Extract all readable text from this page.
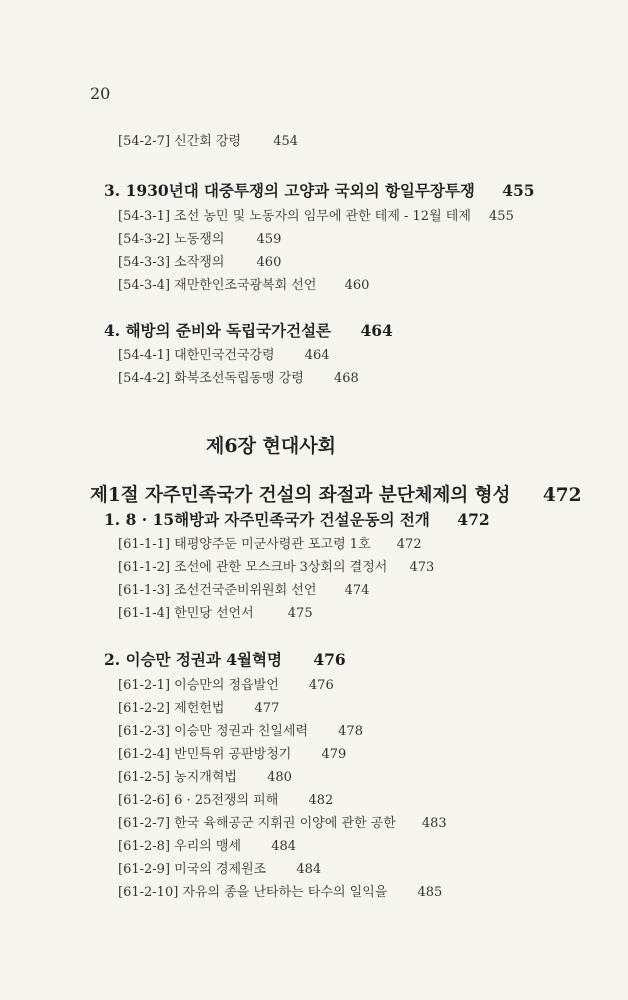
20
[54-2-7] 신간회 강령 454
3. 1930년대 대중투쟁의 고양과 국외의 항일무장투쟁 455
[54-3-1] 조선 농민 및 노동자의 임무에 관한 테제 - 12월 테제 455
[54-3-2] 노동쟁의 459
[54-3-3] 소작쟁의 460
[54-3-4] 재만한인조국광복회 선언 460
4. 해방의 준비와 독립국가건설론 464
[54-4-1] 대한민국건국강령 464
[54-4-2] 화북조선독립동맹 강령 468
제6장 현대사회
제1절 자주민족국가 건설의 좌절과 분단체제의 형성 472
1. 8 · 15해방과 자주민족국가 건설운동의 전개 472
[61-1-1] 태평양주둔 미군사령관 포고령 1호 472
[61-1-2] 조선에 관한 모스크바 3상회의 결정서 473
[61-1-3] 조선건국준비위원회 선언 474
[61-1-4] 한민당 선언서	475
2. 이승만 정권과 4월혁명 476
[61-2-1] 이승만의 정읍발언 476
[61-2-2] 제헌헌법 477
[61-2-3] 이승만 정권과 친일세력 478
[61-2-4] 반민특위 공판방청기 479
[61-2-5] 농지개혁법 480
[61-2-6] 6 · 25전쟁의 피해 482
[61-2-7] 한국 육해공군 지휘권 이양에 관한 공한 483
[61-2-8] 우리의 맹세 484
[61-2-9] 미국의 경제원조 484
[61-2-10] 자유의 종을 난타하는 타수의 일익을 485
